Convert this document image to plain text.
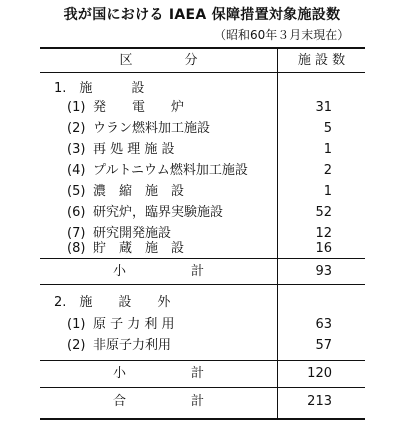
我が国における IAEA 保障措置対象施設数
（昭和60年３月末現在）
区　　　　分	施 設 数
1.　施　　　設
(1) 発　　電　　炉	31
(2) ウラン燃料加工施設	5
(3) 再 処 理 施 設	1
(4) プルトニウム燃料加工施設	2
(5) 濃　縮　施　設	1
(6) 研究炉，臨界実験施設	52
(7) 研究開発施設	12
(8) 貯　蔵　施　設	16
小　　　　　計	93
2.　施　　設　　外
(1) 原 子 力 利 用	63
(2) 非原子力利用	57
小　　　　　計	120
合　　　　　計	213
